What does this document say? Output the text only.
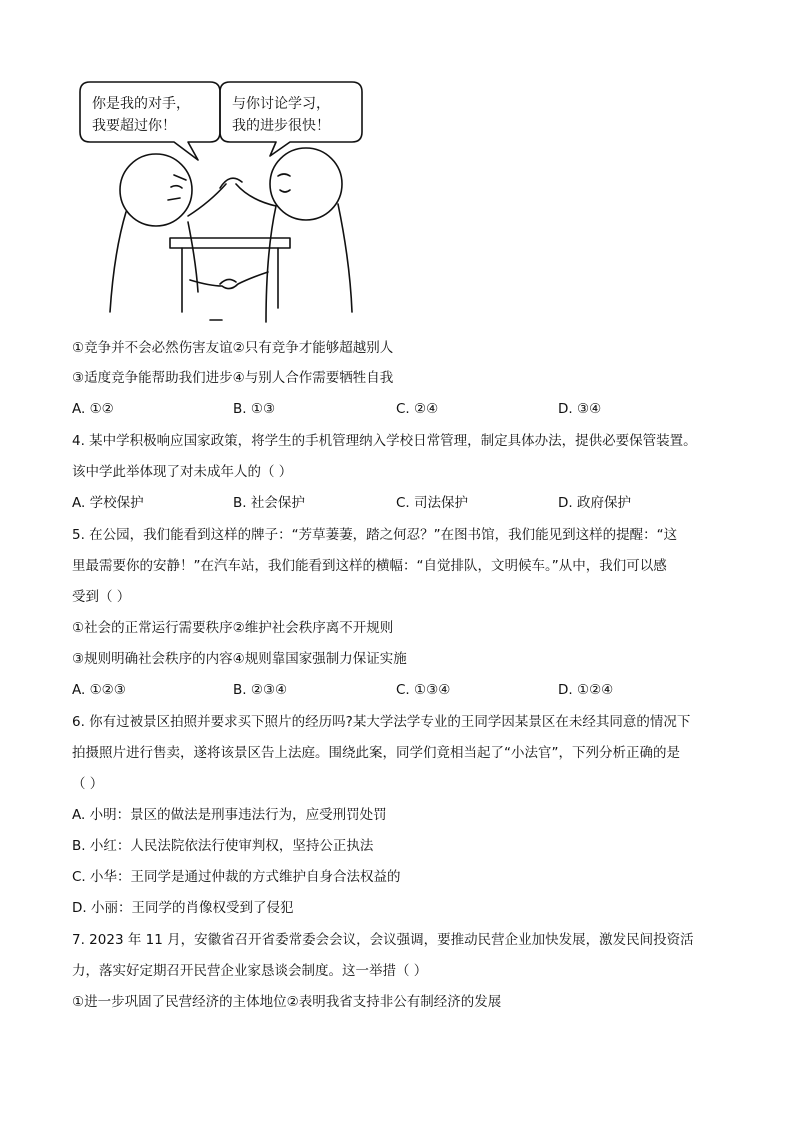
你是我的对手，
我要超过你！
与你讨论学习，
我的进步很快！
①竞争并不会必然伤害友谊②只有竞争才能够超越别人
③适度竞争能帮助我们进步④与别人合作需要牺牲自我
A. ①②	B. ①③	C. ②④	D. ③④
4. 某中学积极响应国家政策，将学生的手机管理纳入学校日常管理，制定具体办法，提供必要保管装置。
该中学此举体现了对未成年人的（ ）
A. 学校保护	B. 社会保护	C. 司法保护	D. 政府保护
5. 在公园，我们能看到这样的牌子：“芳草萋萋，踏之何忍？”在图书馆，我们能见到这样的提醒：“这
里最需要你的安静！”在汽车站，我们能看到这样的横幅：“自觉排队，文明候车。”从中，我们可以感
受到（ ）
①社会的正常运行需要秩序②维护社会秩序离不开规则
③规则明确社会秩序的内容④规则靠国家强制力保证实施
A. ①②③	B. ②③④	C. ①③④	D. ①②④
6. 你有过被景区拍照并要求买下照片的经历吗?某大学法学专业的王同学因某景区在未经其同意的情况下
拍摄照片进行售卖，遂将该景区告上法庭。围绕此案，同学们竟相当起了“小法官”，下列分析正确的是
（ ）
A. 小明：景区的做法是刑事违法行为，应受刑罚处罚
B. 小红：人民法院依法行使审判权，坚持公正执法
C. 小华：王同学是通过仲裁的方式维护自身合法权益的
D. 小丽：王同学的肖像权受到了侵犯
7. 2023 年 11 月，安徽省召开省委常委会会议，会议强调，要推动民营企业加快发展，激发民间投资活
力，落实好定期召开民营企业家恳谈会制度。这一举措（ ）
①进一步巩固了民营经济的主体地位②表明我省支持非公有制经济的发展
